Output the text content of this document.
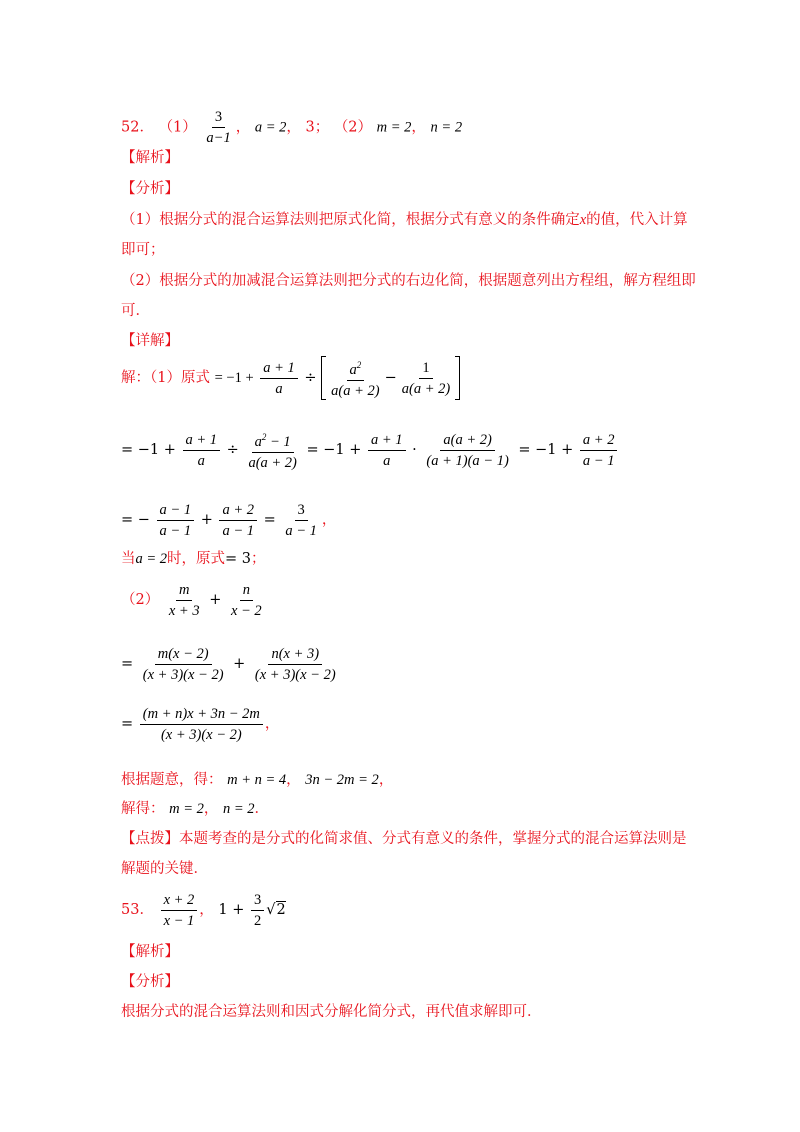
52． $(1) \frac{3}{a-1}$ ， a = 2， 3； （2） m = 2， n = 2
【解析】
【分析】
（1）根据分式的混合运算法则把原式化简，根据分式有意义的条件确定x的值，代入计算
即可；
（2）根据分式的加减混合运算法则把分式的右边化简，根据题意列出方程组，解方程组即
可．
【详解】
解：（1）原式 = $-1 + \frac{a + 1}{a} \div \frac{a^2}{a(a + 2)} - \frac{1}{a(a + 2)}$
= $-1 + \frac{a + 1}{a} \div \frac{a^2 - 1}{a(a + 2)} = -1 + \frac{a + 1}{a} \cdot \frac{a(a + 2)}{(a + 1)(a - 1)} = -1 + \frac{a + 2}{a - 1}$
= − $\frac{a - 1}{a - 1} + \frac{a + 2}{a - 1} = \frac{3}{a - 1}$ ，
当a = 2时，原式= 3；
$(2) \frac{m}{x + 3} + \frac{n}{x - 2}$
= $\frac{m(x - 2)}{(x + 3)(x - 2)} + \frac{n(x + 3)}{(x + 3)(x - 2)}$
= $\frac{(m + n)x + 3n - 2m}{(x + 3)(x - 2)}$ ，
根据题意，得： m + n = 4， 3n − 2m = 2，
解得： m = 2， n = 2．
【点拨】本题考查的是分式的化简求值、分式有意义的条件，掌握分式的混合运算法则是
解题的关键．
53． $\frac{x + 2}{x - 1}$ ， $1 + \frac{3}{2} √2$
【解析】
【分析】
根据分式的混合运算法则和因式分解化简分式，再代值求解即可．
